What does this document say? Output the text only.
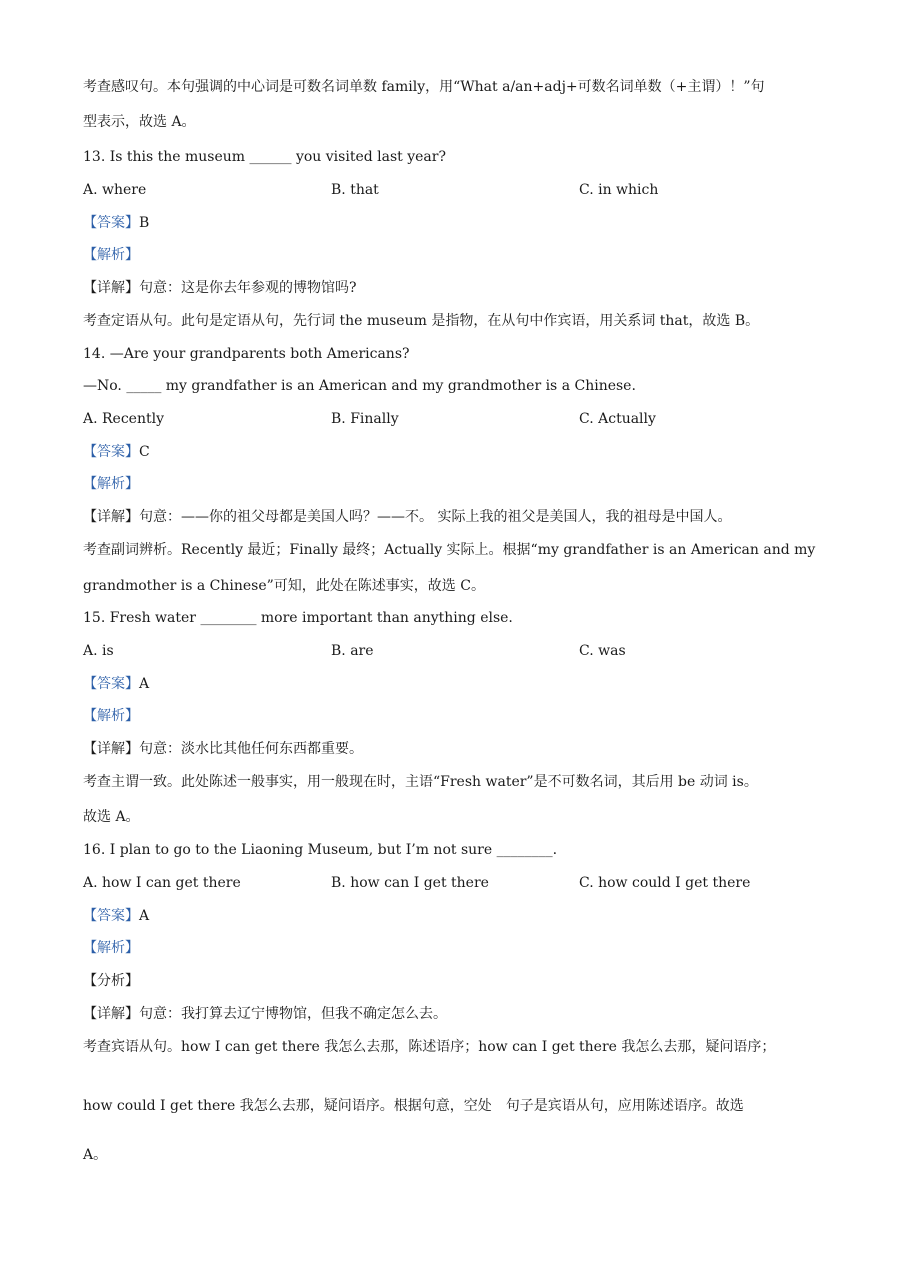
考查感叹句。本句强调的中心词是可数名词单数 family，用“What a/an+adj+可数名词单数（+主谓）！”句
型表示，故选 A。
13. Is this the museum ______ you visited last year?
A. where	B. that	C. in which
【答案】B
【解析】
【详解】句意：这是你去年参观的博物馆吗?
考查定语从句。此句是定语从句，先行词 the museum 是指物，在从句中作宾语，用关系词 that，故选 B。
14. —Are your grandparents both Americans?
—No. _____ my grandfather is an American and my grandmother is a Chinese.
A. Recently	B. Finally	C. Actually
【答案】C
【解析】
【详解】句意：——你的祖父母都是美国人吗？——不。 实际上我的祖父是美国人，我的祖母是中国人。
考查副词辨析。Recently 最近；Finally 最终；Actually 实际上。根据“my grandfather is an American and my
grandmother is a Chinese”可知，此处在陈述事实，故选 C。
15. Fresh water ________ more important than anything else.
A. is	B. are	C. was
【答案】A
【解析】
【详解】句意：淡水比其他任何东西都重要。
考查主谓一致。此处陈述一般事实，用一般现在时，主语“Fresh water”是不可数名词，其后用 be 动词 is。
故选 A。
16. I plan to go to the Liaoning Museum, but I’m not sure ________.
A. how I can get there	B. how can I get there	C. how could I get there
【答案】A
【解析】
【分析】
【详解】句意：我打算去辽宁博物馆，但我不确定怎么去。
考查宾语从句。how I can get there 我怎么去那，陈述语序；how can I get there 我怎么去那，疑问语序；
how could I get there 我怎么去那，疑问语序。根据句意，空处　句子是宾语从句，应用陈述语序。故选
A。
